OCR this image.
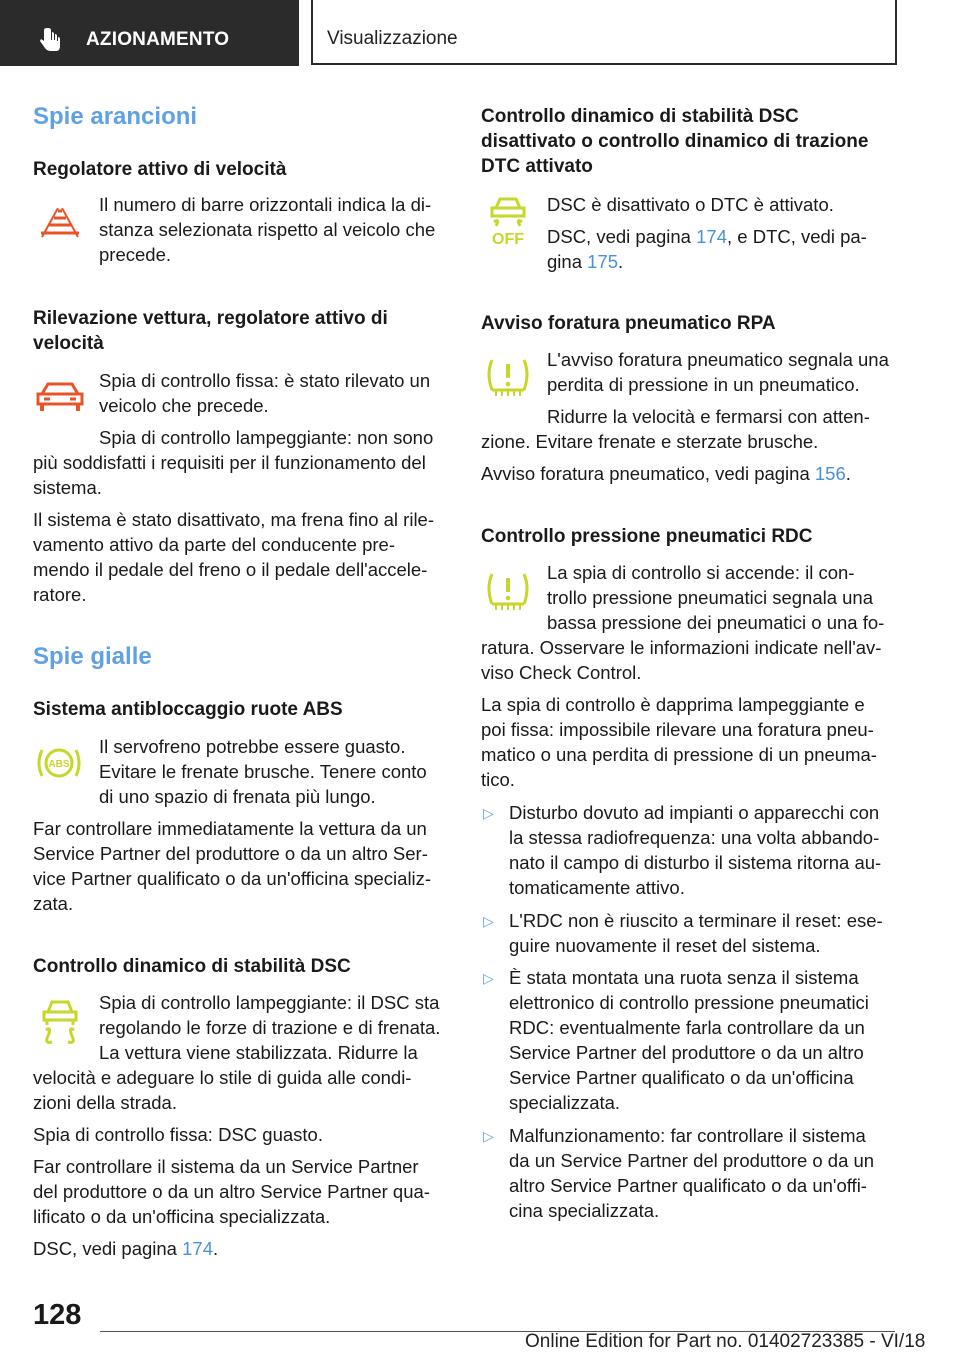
AZIONAMENTO	Visualizzazione
Spie arancioni
Regolatore attivo di velocità
Il numero di barre orizzontali indica la di-
stanza selezionata rispetto al veicolo che
precede.
Rilevazione vettura, regolatore attivo di
velocità
Spia di controllo fissa: è stato rilevato un
veicolo che precede.
Spia di controllo lampeggiante: non sono
più soddisfatti i requisiti per il funzionamento del
sistema.
Il sistema è stato disattivato, ma frena fino al rile-
vamento attivo da parte del conducente pre-
mendo il pedale del freno o il pedale dell'accele-
ratore.
Spie gialle
Sistema antibloccaggio ruote ABS
ABS
Il servofreno potrebbe essere guasto.
Evitare le frenate brusche. Tenere conto
di uno spazio di frenata più lungo.
Far controllare immediatamente la vettura da un
Service Partner del produttore o da un altro Ser-
vice Partner qualificato o da un'officina specializ-
zata.
Controllo dinamico di stabilità DSC
Spia di controllo lampeggiante: il DSC sta
regolando le forze di trazione e di frenata.
La vettura viene stabilizzata. Ridurre la
velocità e adeguare lo stile di guida alle condi-
zioni della strada.
Spia di controllo fissa: DSC guasto.
Far controllare il sistema da un Service Partner
del produttore o da un altro Service Partner qua-
lificato o da un'officina specializzata.
DSC, vedi pagina 174.
Controllo dinamico di stabilità DSC
disattivato o controllo dinamico di trazione
DTC attivato
OFF
DSC è disattivato o DTC è attivato.
DSC, vedi pagina 174, e DTC, vedi pa-
gina 175.
Avviso foratura pneumatico RPA
L'avviso foratura pneumatico segnala una
perdita di pressione in un pneumatico.
Ridurre la velocità e fermarsi con atten-
zione. Evitare frenate e sterzate brusche.
Avviso foratura pneumatico, vedi pagina 156.
Controllo pressione pneumatici RDC
La spia di controllo si accende: il con-
trollo pressione pneumatici segnala una
bassa pressione dei pneumatici o una fo-
ratura. Osservare le informazioni indicate nell'av-
viso Check Control.
La spia di controllo è dapprima lampeggiante e
poi fissa: impossibile rilevare una foratura pneu-
matico o una perdita di pressione di un pneuma-
tico.
▷ Disturbo dovuto ad impianti o apparecchi con
la stessa radiofrequenza: una volta abbando-
nato il campo di disturbo il sistema ritorna au-
tomaticamente attivo.
▷ L'RDC non è riuscito a terminare il reset: ese-
guire nuovamente il reset del sistema.
▷ È stata montata una ruota senza il sistema
elettronico di controllo pressione pneumatici
RDC: eventualmente farla controllare da un
Service Partner del produttore o da un altro
Service Partner qualificato o da un'officina
specializzata.
▷ Malfunzionamento: far controllare il sistema
da un Service Partner del produttore o da un
altro Service Partner qualificato o da un'offi-
cina specializzata.
128
Online Edition for Part no. 01402723385 - VI/18
